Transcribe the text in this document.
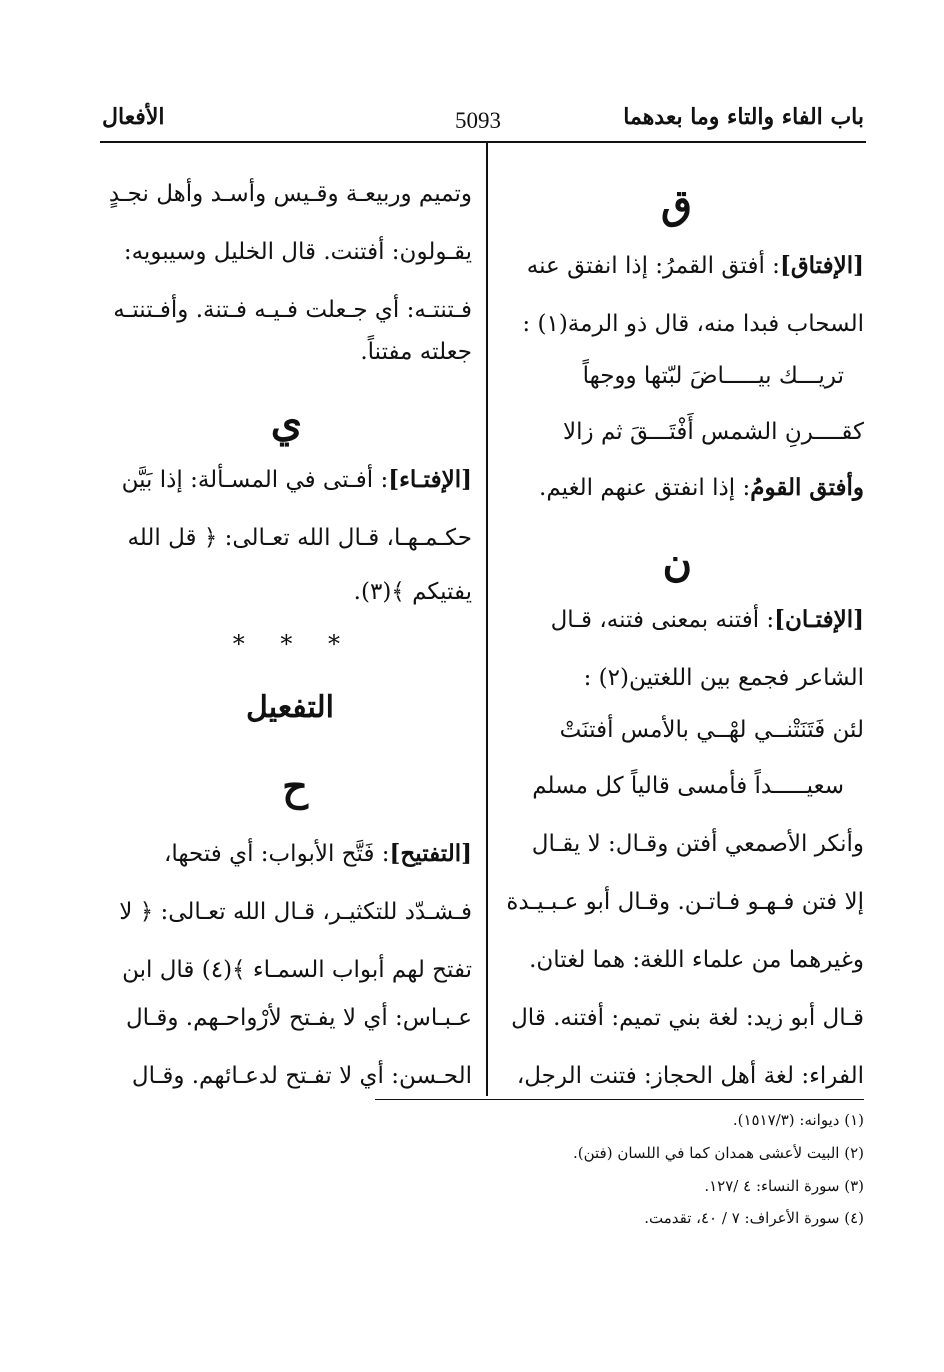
باب الفاء والتاء وما بعدهما
5093
الأفعال
ق
[الإفتاق]: أفتق القمرُ: إذا انفتق عنه
السحاب فبدا منه، قال ذو الرمة(١) :
تريـــك بيـــــاضَ لبّتها ووجهاً
كقــــرنِ الشمس أَفْتَـــقَ ثم زالا
وأفتق القومُ: إذا انفتق عنهم الغيم.
ن
[الإفتـان]: أفتنه بمعنى فتنه، قـال
الشاعر فجمع بين اللغتين(٢) :
لئن فَتَنَتْنــي لهْــي بالأمس أفتنَتْ
سعيـــــداً فأمسى قالياً كل مسلم
وأنكر الأصمعي أفتن وقـال: لا يقـال
إلا فتن فـهـو فـاتـن. وقـال أبو عـبـيـدة
وغيرهما من علماء اللغة: هما لغتان.
قـال أبو زيد: لغة بني تميم: أفتنه. قال
الفراء: لغة أهل الحجاز: فتنت الرجل،
وتميم وربيعـة وقـيس وأسـد وأهل نجـدٍ
يقـولون: أفتنت. قال الخليل وسيبويه:
فـتنتـه: أي جـعلت فـيـه فـتنة. وأفـتنتـه
جعلته مفتناً.
ي
[الإفتـاء]: أفـتى في المسـألة: إذا بَيَّن
حكـمـهـا، قـال الله تعـالى: ﴿ قل الله
يفتيكم ﴾(٣).
* * *
التفعيل
ح
[التفتيح]: فَتَّح الأبواب: أي فتحها،
فـشـدّد للتكثيـر، قـال الله تعـالى: ﴿ لا
تفتح لهم أبواب السمـاء ﴾(٤) قال ابن
عـبـاس: أي لا يفـتح لأرْواحـهم. وقـال
الحـسن: أي لا تفـتح لدعـائهم. وقـال
(١) ديوانه: (١٥١٧/٣).
(٢) البيت لأعشى همدان كما في اللسان (فتن).
(٣) سورة النساء: ٤ /١٢٧.
(٤) سورة الأعراف: ٧ / ٤٠، تقدمت.
